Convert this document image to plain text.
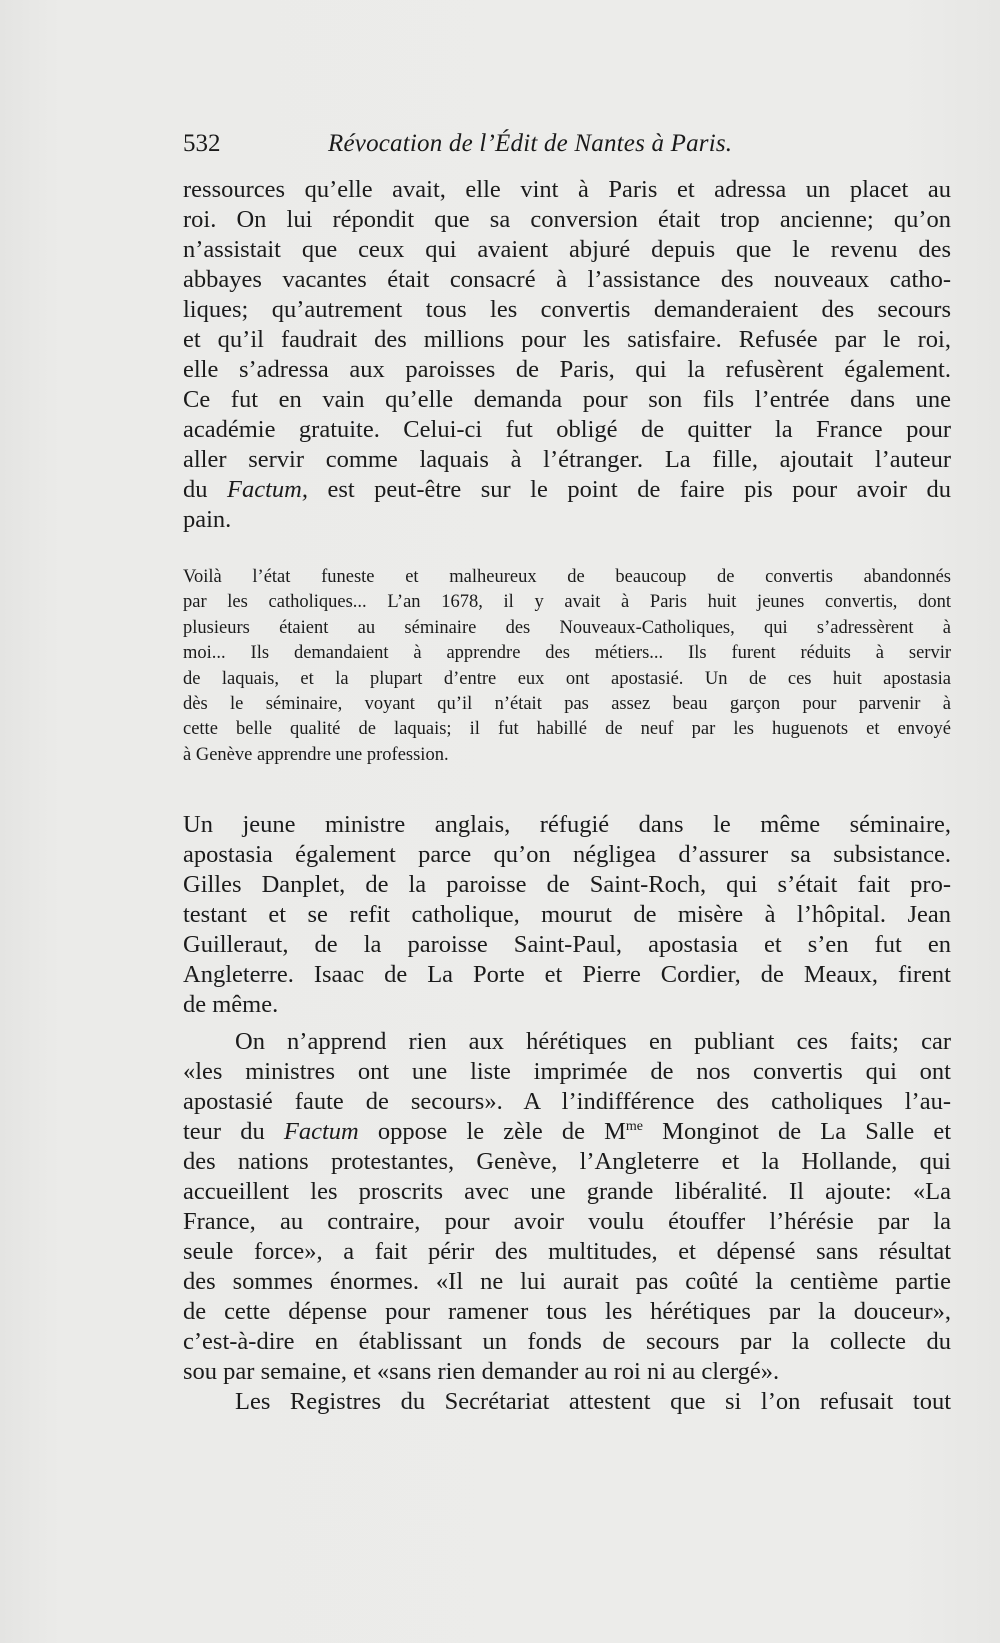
532	Révocation de l’Édit de Nantes à Paris.
ressources qu’elle avait, elle vint à Paris et adressa un placet au
roi. On lui répondit que sa conversion était trop ancienne; qu’on
n’assistait que ceux qui avaient abjuré depuis que le revenu des
abbayes vacantes était consacré à l’assistance des nouveaux catho-
liques; qu’autrement tous les convertis demanderaient des secours
et qu’il faudrait des millions pour les satisfaire. Refusée par le roi,
elle s’adressa aux paroisses de Paris, qui la refusèrent également.
Ce fut en vain qu’elle demanda pour son fils l’entrée dans une
académie gratuite. Celui-ci fut obligé de quitter la France pour
aller servir comme laquais à l’étranger. La fille, ajoutait l’auteur
du Factum, est peut-être sur le point de faire pis pour avoir du
pain.
Voilà l’état funeste et malheureux de beaucoup de convertis abandonnés
par les catholiques... L’an 1678, il y avait à Paris huit jeunes convertis, dont
plusieurs étaient au séminaire des Nouveaux-Catholiques, qui s’adressèrent à
moi... Ils demandaient à apprendre des métiers... Ils furent réduits à servir
de laquais, et la plupart d’entre eux ont apostasié. Un de ces huit apostasia
dès le séminaire, voyant qu’il n’était pas assez beau garçon pour parvenir à
cette belle qualité de laquais; il fut habillé de neuf par les huguenots et envoyé
à Genève apprendre une profession.
Un jeune ministre anglais, réfugié dans le même séminaire,
apostasia également parce qu’on négligea d’assurer sa subsistance.
Gilles Danplet, de la paroisse de Saint-Roch, qui s’était fait pro-
testant et se refit catholique, mourut de misère à l’hôpital. Jean
Guilleraut, de la paroisse Saint-Paul, apostasia et s’en fut en
Angleterre. Isaac de La Porte et Pierre Cordier, de Meaux, firent
de même.
On n’apprend rien aux hérétiques en publiant ces faits; car
«les ministres ont une liste imprimée de nos convertis qui ont
apostasié faute de secours». A l’indifférence des catholiques l’au-
teur du Factum oppose le zèle de $M^{me}$ Monginot de La Salle et
des nations protestantes, Genève, l’Angleterre et la Hollande, qui
accueillent les proscrits avec une grande libéralité. Il ajoute: «La
France, au contraire, pour avoir voulu étouffer l’hérésie par la
seule force», a fait périr des multitudes, et dépensé sans résultat
des sommes énormes. «Il ne lui aurait pas coûté la centième partie
de cette dépense pour ramener tous les hérétiques par la douceur»,
c’est-à-dire en établissant un fonds de secours par la collecte du
sou par semaine, et «sans rien demander au roi ni au clergé».
Les Registres du Secrétariat attestent que si l’on refusait tout
